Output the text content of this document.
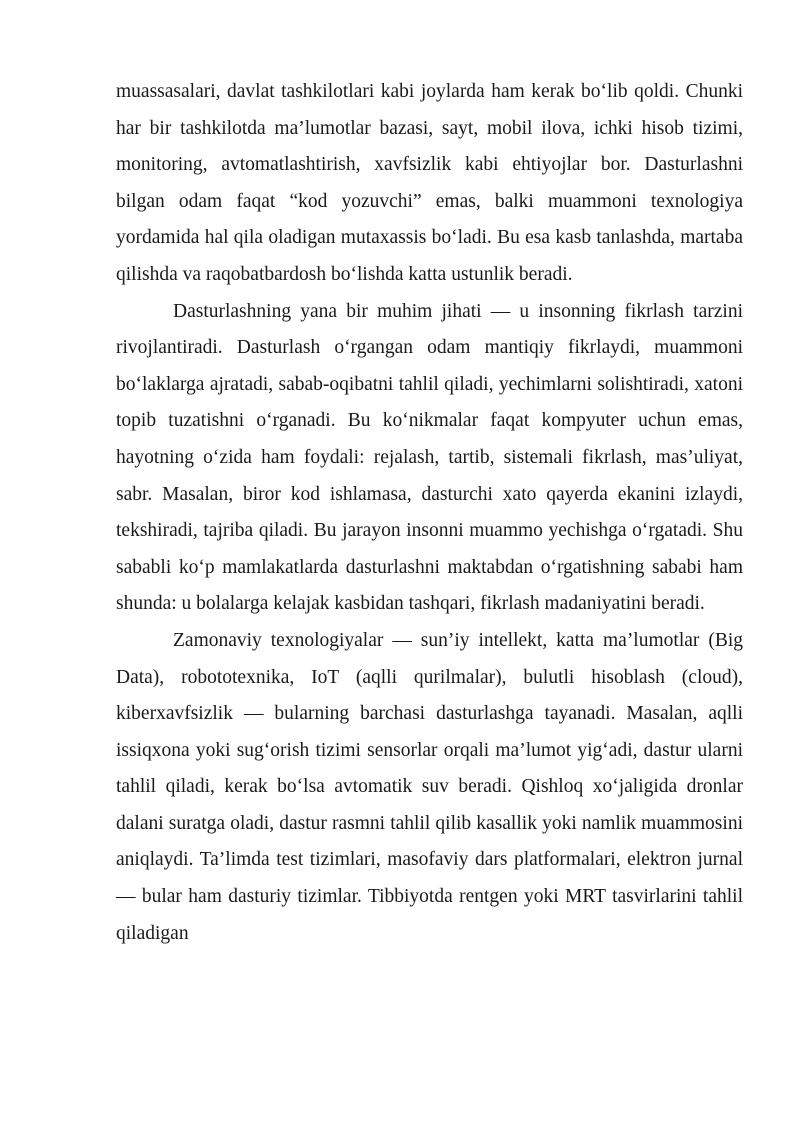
muassasalari, davlat tashkilotlari kabi joylarda ham kerak bo‘lib qoldi. Chunki har bir tashkilotda ma’lumotlar bazasi, sayt, mobil ilova, ichki hisob tizimi, monitoring, avtomatlashtirish, xavfsizlik kabi ehtiyojlar bor. Dasturlashni bilgan odam faqat “kod yozuvchi” emas, balki muammoni texnologiya yordamida hal qila oladigan mutaxassis bo‘ladi. Bu esa kasb tanlashda, martaba qilishda va raqobatbardosh bo‘lishda katta ustunlik beradi.

Dasturlashning yana bir muhim jihati — u insonning fikrlash tarzini rivojlantiradi. Dasturlash o‘rgangan odam mantiqiy fikrlaydi, muammoni bo‘laklarga ajratadi, sabab-oqibatni tahlil qiladi, yechimlarni solishtiradi, xatoni topib tuzatishni o‘rganadi. Bu ko‘nikmalar faqat kompyuter uchun emas, hayotning o‘zida ham foydali: rejalash, tartib, sistemali fikrlash, mas’uliyat, sabr. Masalan, biror kod ishlamasa, dasturchi xato qayerda ekanini izlaydi, tekshiradi, tajriba qiladi. Bu jarayon insonni muammo yechishga o‘rgatadi. Shu sababli ko‘p mamlakatlarda dasturlashni maktabdan o‘rgatishning sababi ham shunda: u bolalarga kelajak kasbidan tashqari, fikrlash madaniyatini beradi.

Zamonaviy texnologiyalar — sun’iy intellekt, katta ma’lumotlar (Big Data), robototexnika, IoT (aqlli qurilmalar), bulutli hisoblash (cloud), kiberxavfsizlik — bularning barchasi dasturlashga tayanadi. Masalan, aqlli issiqxona yoki sug‘orish tizimi sensorlar orqali ma’lumot yig‘adi, dastur ularni tahlil qiladi, kerak bo‘lsa avtomatik suv beradi. Qishloq xo‘jaligida dronlar dalani suratga oladi, dastur rasmni tahlil qilib kasallik yoki namlik muammosini aniqlaydi. Ta’limda test tizimlari, masofaviy dars platformalari, elektron jurnal — bular ham dasturiy tizimlar. Tibbiyotda rentgen yoki MRT tasvirlarini tahlil qiladigan
